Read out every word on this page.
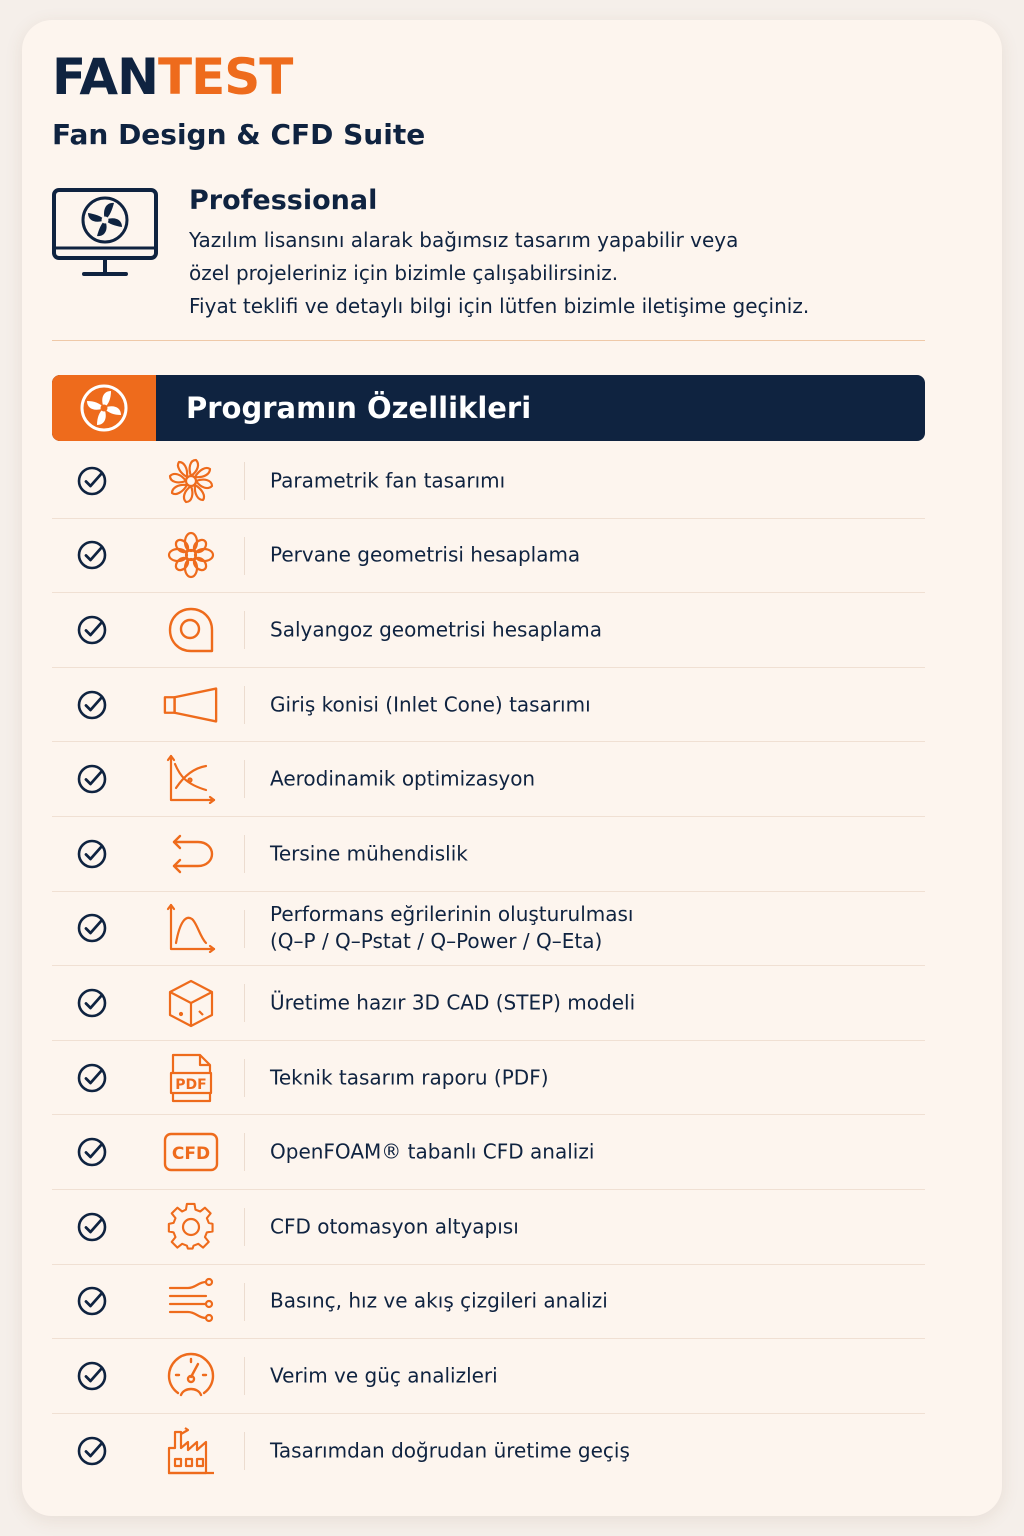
FANTEST
Fan Design & CFD Suite
Professional
Yazılım lisansını alarak bağımsız tasarım yapabilir veya
özel projeleriniz için bizimle çalışabilirsiniz.
Fiyat teklifi ve detaylı bilgi için lütfen bizimle iletişime geçiniz.
Programın Özellikleri
Parametrik fan tasarımı
Pervane geometrisi hesaplama
Salyangoz geometrisi hesaplama
Giriş konisi (Inlet Cone) tasarımı
Aerodinamik optimizasyon
Tersine mühendislik
Performans eğrilerinin oluşturulması
(Q–P / Q–Pstat / Q–Power / Q–Eta)
Üretime hazır 3D CAD (STEP) modeli
PDF	Teknik tasarım raporu (PDF)
CFD	OpenFOAM® tabanlı CFD analizi
CFD otomasyon altyapısı
Basınç, hız ve akış çizgileri analizi
Verim ve güç analizleri
Tasarımdan doğrudan üretime geçiş
